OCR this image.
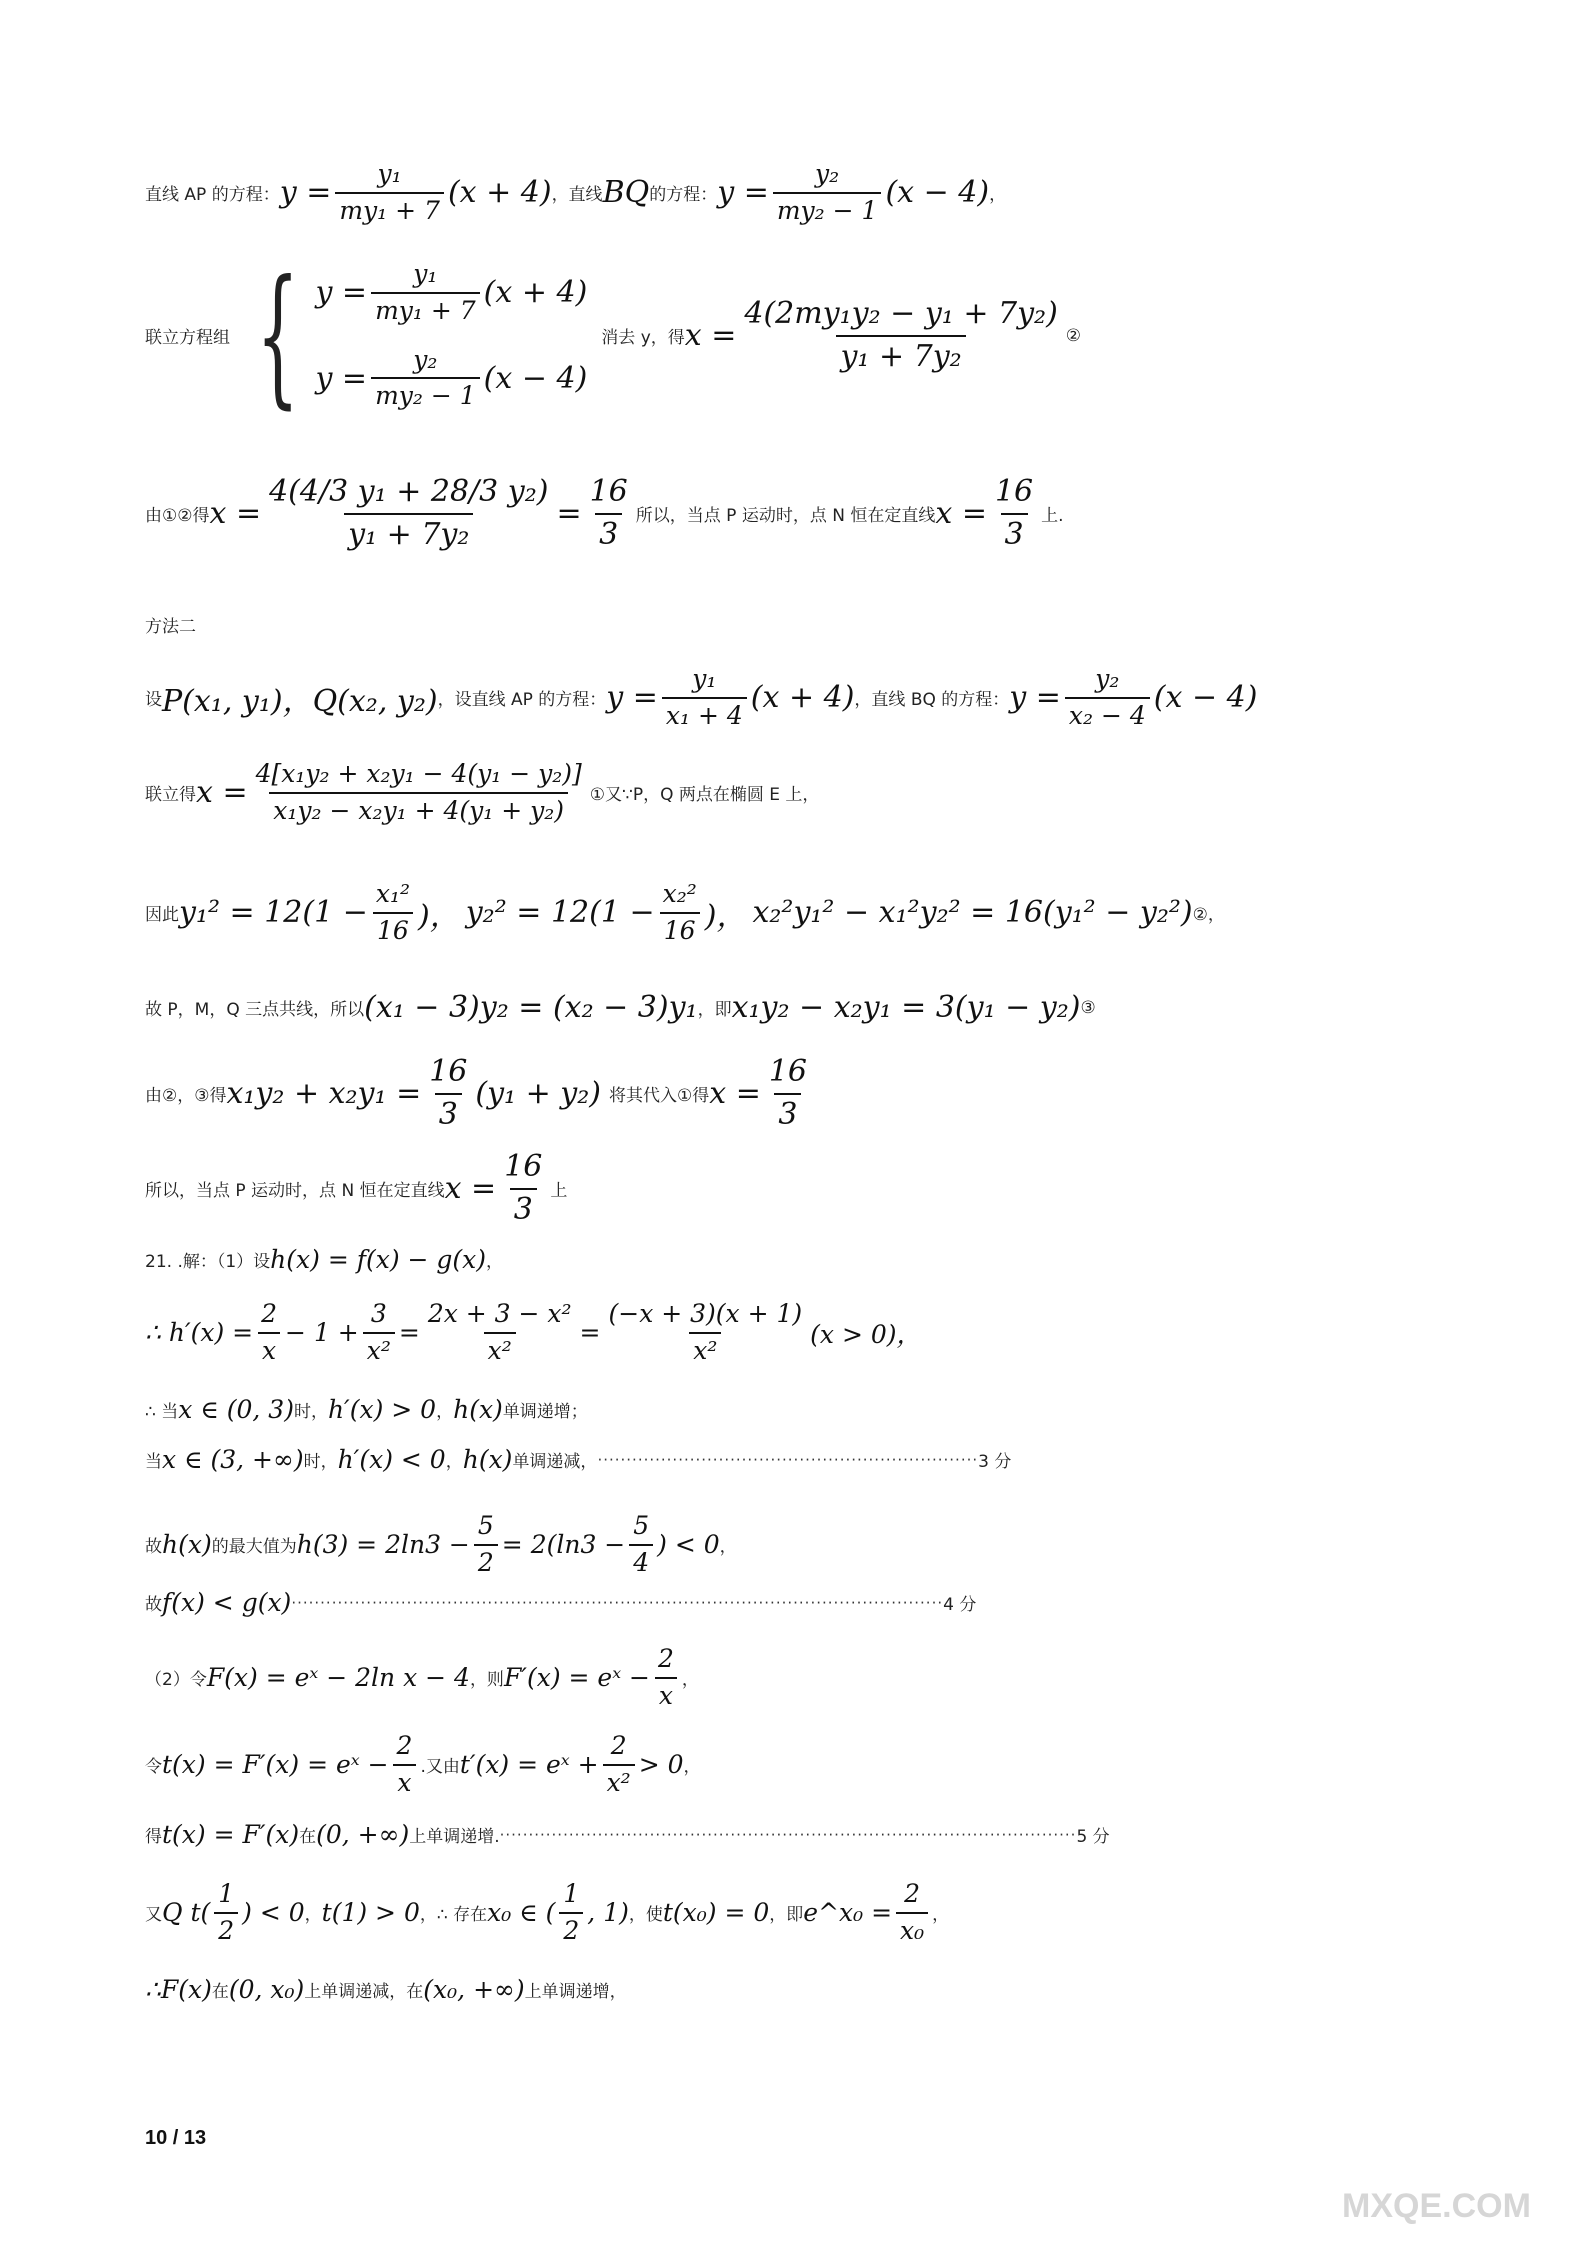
直线 AP 的方程： $y = \frac{\text{y₁}}{\text{my₁ + 7}} (x + 4)$ ，直线 BQ 的方程： $y = \frac{\text{y₂}}{\text{my₂ − 1}} (x - 4)$ ，
联立方程组 { $y = \frac{\text{y₁}}{\text{my₁ + 7}} (x + 4)$
$y = \frac{\text{y₂}}{\text{my₂ − 1}} (x - 4)$
消去 y，得 $x = \frac{\text{4(2my₁y₂ − y₁ + 7y₂)}}{\text{y₁ + 7y₂}}$ ②
由①②得 $x = \frac{\text{4(4/3 y₁ + 28/3 y₂)}}{\text{y₁ + 7y₂}} = \frac{16}{3}$ 所以，当点 P 运动时，点 N 恒在定直线 $x = \frac{16}{3}$ 上.
方法二
设 P(x₁, y₁)，Q(x₂, y₂) ，设直线 AP 的方程： $y = \frac{\text{y₁}}{\text{x₁ + 4}} (x + 4)$ ，直线 BQ 的方程： $y = \frac{\text{y₂}}{\text{x₂ − 4}} (x - 4)$
联立得 $x = \frac{\text{4[x₁y₂ + x₂y₁ − 4(y₁ − y₂)]}}{\text{x₁y₂ − x₂y₁ + 4(y₁ + y₂)}}$ ①又∵P，Q 两点在椭圆 E 上，
因此 $y_1^2 = 12(1 - \frac{\text{x₁²}}{16}$ )， $y_2^2 = 12(1 - \frac{\text{x₂²}}{16}$ )， x₂²y₁² − x₁²y₂² = 16(y₁² − y₂²) ②，
故 P，M，Q 三点共线，所以 (x₁ − 3)y₂ = (x₂ − 3)y₁ ，即 x₁y₂ − x₂y₁ = 3(y₁ − y₂) ③
由②，③得 $x_1y_2 + x_2y_1 = \frac{16}{3} (y_1 + y_2)$ 将其代入①得 $x = \frac{16}{3}$
所以，当点 P 运动时，点 N 恒在定直线 $x = \frac{16}{3}$ 上
21. .解：（1）设 h(x) = f(x) − g(x) ，
∴ $h'(x) = \frac{2}{x} - 1 + \frac{3}{\text{x²}} = \frac{\text{2x + 3 − x²}}{\text{x²}} = \frac{(-x + 3)(x + 1)}{\text{x²}} (x > 0)$，
∴ 当 x ∈ (0, 3) 时， h′(x) > 0 ， h(x) 单调递增；
当 x ∈ (3, +∞) 时， h′(x) < 0 ， h(x) 单调递减， ·································································· 3 分
故 h(x) 的最大值为 $h(3) = 2\ln 3 - \frac{5}{2} = 2(\ln 3 - \frac{5}{4}$ ) < 0 ，
故 f(x) < g(x) ················································································································· 4 分
（2）令 F(x) = eˣ − 2ln x − 4 ，则 F′(x) = eˣ − $\frac{2}{x}$ ，
令 t(x) = F′(x) = eˣ − $\frac{2}{x}$ .又由 t′(x) = eˣ + $\frac{2}{\text{x²}} > 0$ ，
得 t(x) = F′(x) 在 (0, +∞) 上单调递增. ···································································································· 5 分
又 Q $t( \frac{1}{2}$ ) < 0 ， t(1) > 0 ，∴ 存在 x₀ ∈ ( $\frac{1}{2}$ , 1) ，使 t(x₀) = 0 ，即 e^x₀ = $\frac{2}{\text{x₀}}$ ，
∴ F(x) 在 (0, x₀) 上单调递减，在 (x₀, +∞) 上单调递增，
10 / 13
MXQE.COM
